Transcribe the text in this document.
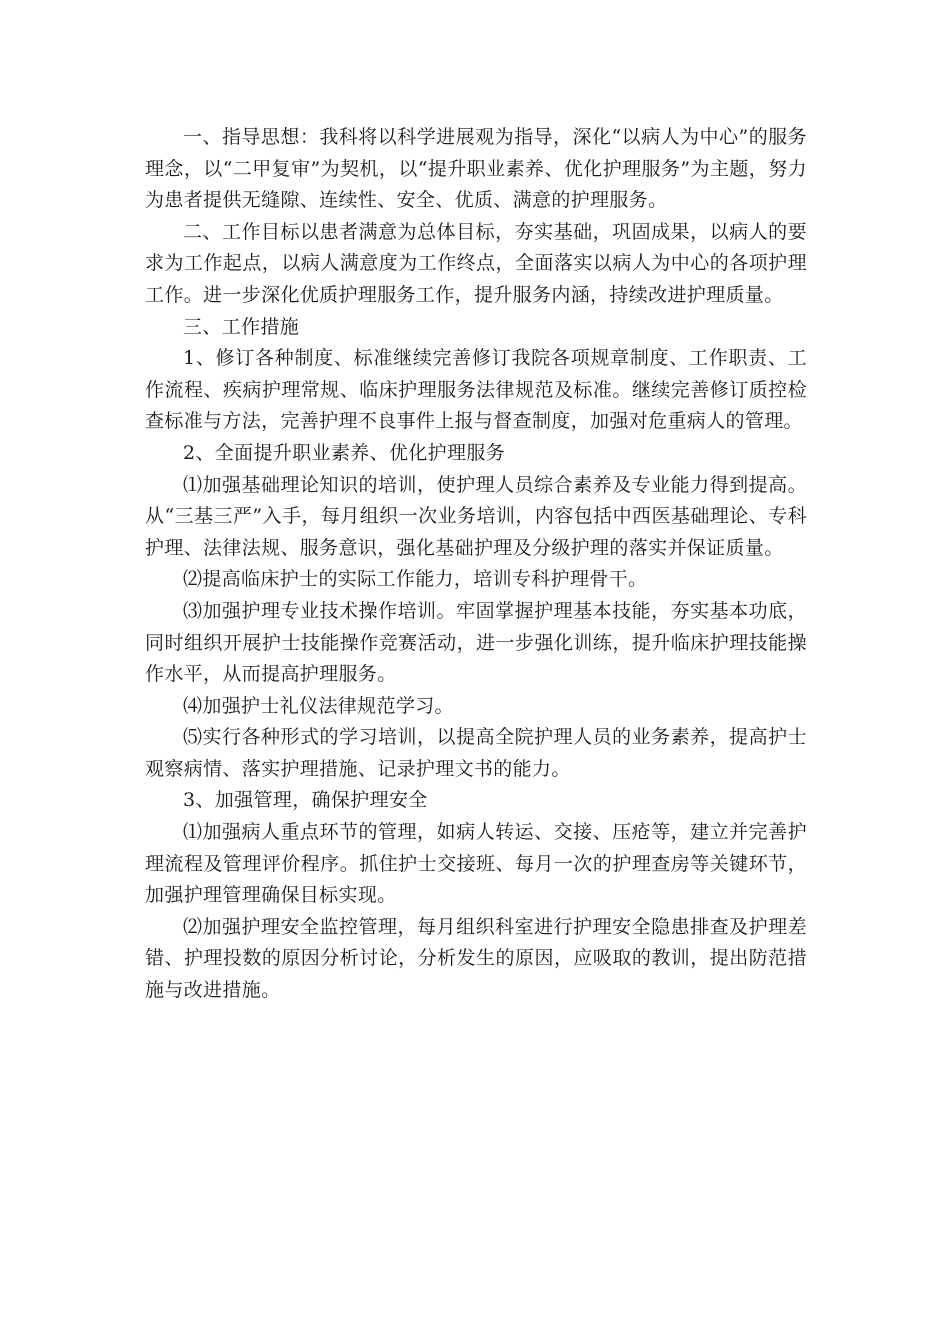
一、指导思想：我科将以科学进展观为指导，深化“以病人为中心”的服务理念，以“二甲复审”为契机，以“提升职业素养、优化护理服务”为主题，努力为患者提供无缝隙、连续性、安全、优质、满意的护理服务。

二、工作目标以患者满意为总体目标，夯实基础，巩固成果，以病人的要求为工作起点，以病人满意度为工作终点，全面落实以病人为中心的各项护理工作。进一步深化优质护理服务工作，提升服务内涵，持续改进护理质量。

三、工作措施

1、修订各种制度、标准继续完善修订我院各项规章制度、工作职责、工作流程、疾病护理常规、临床护理服务法律规范及标准。继续完善修订质控检查标准与方法，完善护理不良事件上报与督查制度，加强对危重病人的管理。

2、全面提升职业素养、优化护理服务

⑴加强基础理论知识的培训，使护理人员综合素养及专业能力得到提高。从“三基三严”入手，每月组织一次业务培训，内容包括中西医基础理论、专科护理、法律法规、服务意识，强化基础护理及分级护理的落实并保证质量。

⑵提高临床护士的实际工作能力，培训专科护理骨干。

⑶加强护理专业技术操作培训。牢固掌握护理基本技能，夯实基本功底，同时组织开展护士技能操作竞赛活动，进一步强化训练，提升临床护理技能操作水平，从而提高护理服务。

⑷加强护士礼仪法律规范学习。

⑸实行各种形式的学习培训，以提高全院护理人员的业务素养，提高护士观察病情、落实护理措施、记录护理文书的能力。

3、加强管理，确保护理安全

⑴加强病人重点环节的管理，如病人转运、交接、压疮等，建立并完善护理流程及管理评价程序。抓住护士交接班、每月一次的护理查房等关键环节，加强护理管理确保目标实现。

⑵加强护理安全监控管理，每月组织科室进行护理安全隐患排查及护理差错、护理投数的原因分析讨论，分析发生的原因，应吸取的教训，提出防范措施与改进措施。
